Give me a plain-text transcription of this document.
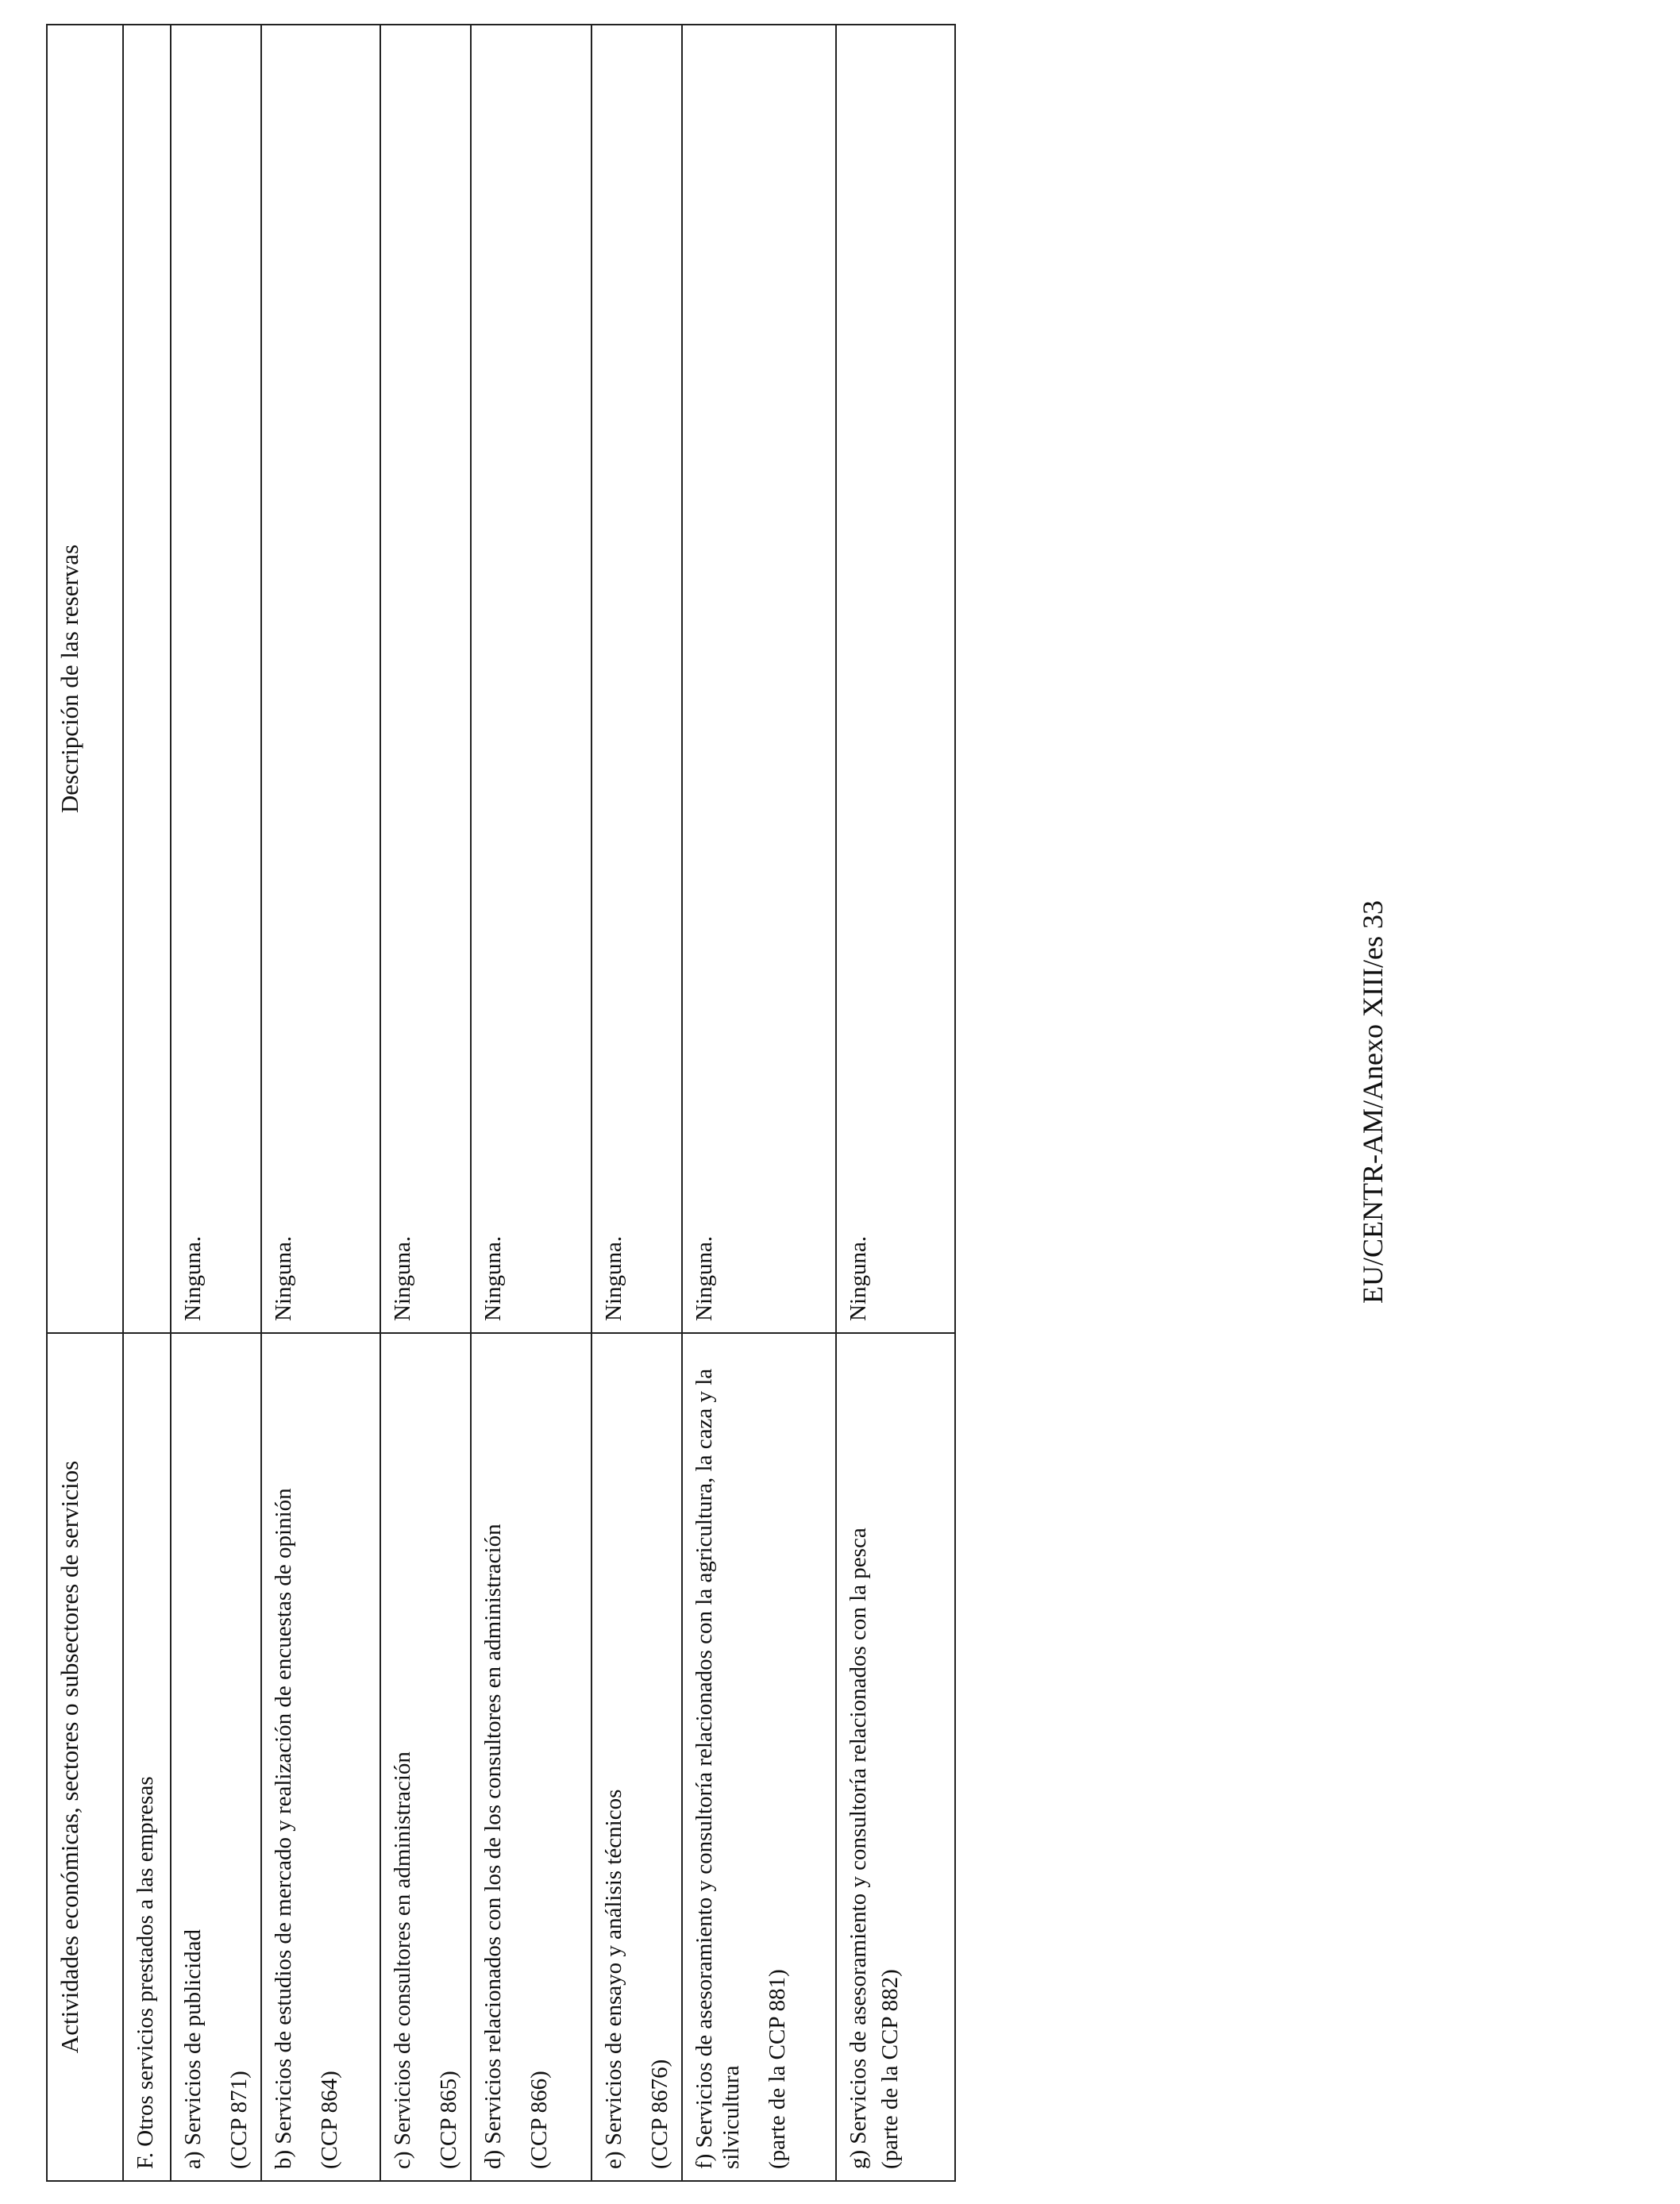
Actividades económicas, sectores o subsectores de servicios	Descripción de las reservas
F. Otros servicios prestados a las empresas	

a) Servicios de publicidad (CCP 871)	Ninguna.

b) Servicios de estudios de mercado y realización de encuestas de opinión (CCP 864)	Ninguna.

c) Servicios de consultores en administración (CCP 865)	Ninguna.

d) Servicios relacionados con los de los consultores en administración (CCP 866)	Ninguna.

e) Servicios de ensayo y análisis técnicos (CCP 8676)	Ninguna.

f) Servicios de asesoramiento y consultoría relacionados con la agricultura, la caza y la silvicultura (parte de la CCP 881)	Ninguna.

g) Servicios de asesoramiento y consultoría relacionados con la pesca (parte de la CCP 882)	Ninguna.	EU/CENTR-AM/Anexo XIII/es 33
